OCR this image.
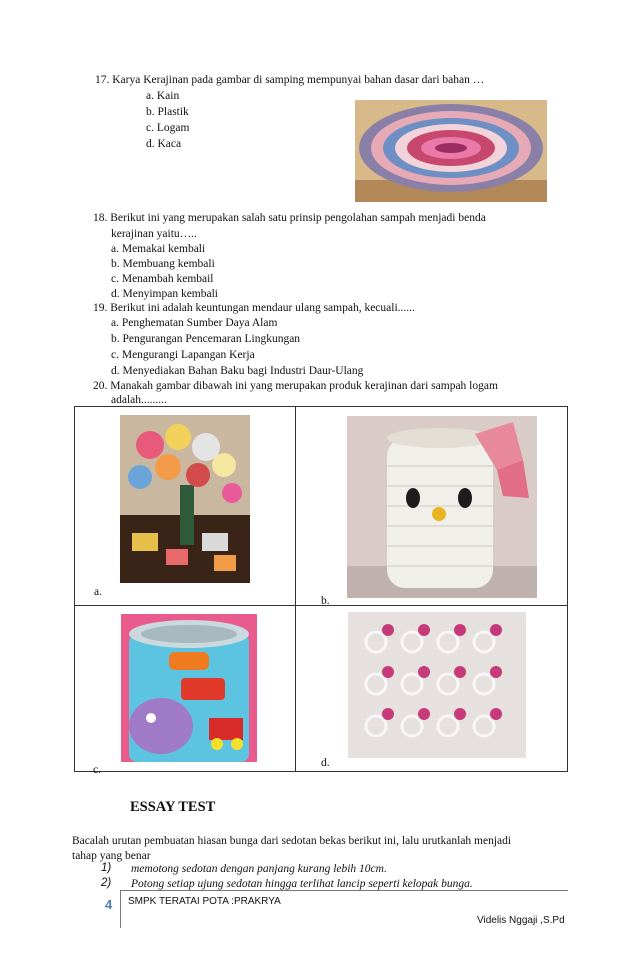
17. Karya Kerajinan pada gambar di samping mempunyai bahan dasar dari bahan …
a. Kain
b. Plastik
c. Logam
d. Kaca
18. Berikut ini yang merupakan salah satu prinsip pengolahan sampah menjadi benda
kerajinan yaitu…..
a. Memakai kembali
b. Membuang kembali
c. Menambah kembail
d. Menyimpan kembali
19. Berikut ini adalah keuntungan mendaur ulang sampah, kecuali......
a. Penghematan Sumber Daya Alam
b. Pengurangan Pencemaran Lingkungan
c. Mengurangi Lapangan Kerja
d. Menyediakan Bahan Baku bagi Industri Daur-Ulang
20. Manakah gambar dibawah ini yang merupakan produk kerajinan dari sampah logam
adalah.........
a.
b.
c.
d.
ESSAY TEST
Bacalah urutan pembuatan hiasan bunga dari sedotan bekas berikut ini, lalu urutkanlah menjadi
tahap yang benar
1) memotong sedotan dengan panjang kurang lebih 10cm.
2) Potong setiap ujung sedotan hingga terlihat lancip seperti kelopak bunga.
4 SMPK TERATAI POTA :PRAKRYA
Videlis Nggaji ,S.Pd
